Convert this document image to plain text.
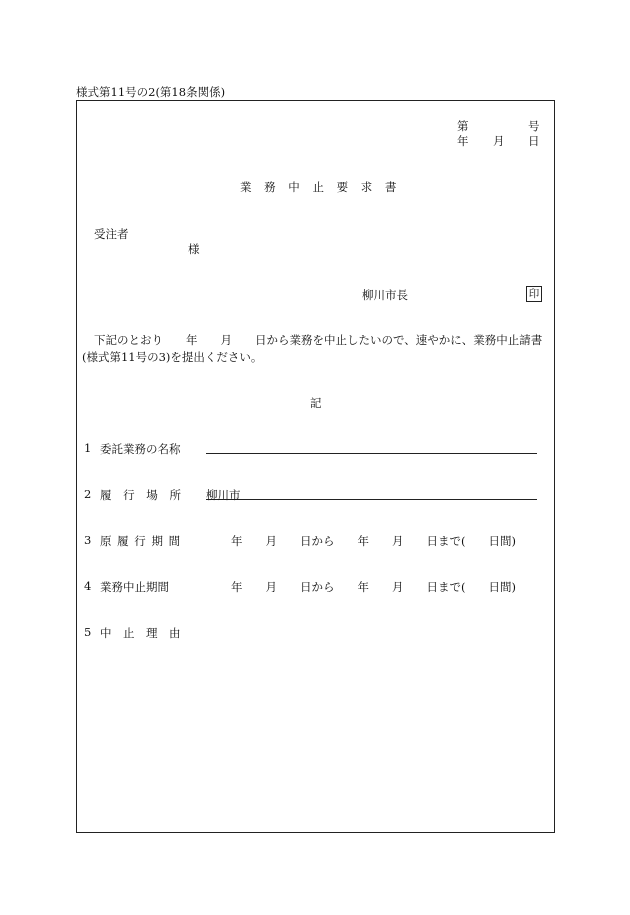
様式第11号の2(第18条関係)
第	号
年 月 日
業 務 中 止 要 求 書
受注者
様
柳川市長	印
下記のとおり　　年　　月　　日から業務を中止したいので、速やかに、業務中止請書
(様式第11号の3)を提出ください。
記
1 委託業務の名称
2 履 行 場 所 柳川市
3 原 履 行 期 間	年　　月　　日から　　年　　月　　日まで(　　日間)
4 業務中止期間	年　　月　　日から　　年　　月　　日まで(　　日間)
5 中　止　理　由
